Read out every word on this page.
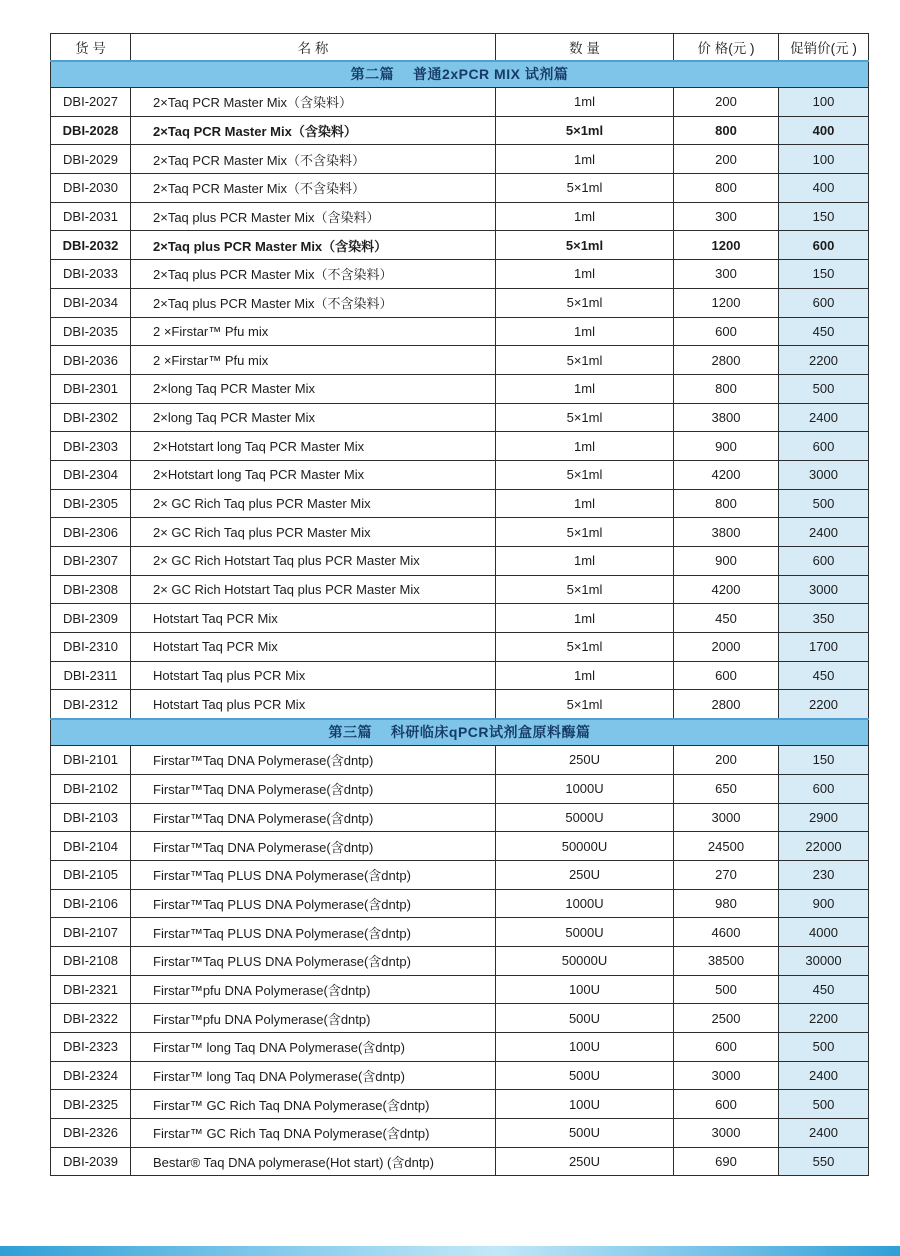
货 号	名 称	数 量	价 格(元 )	促销价(元 )
第二篇　 普通2xPCR MIX 试剂篇				
DBI-2027	2×Taq PCR Master Mix（含染料）	1ml	200	100
DBI-2028	2×Taq PCR Master Mix（含染料）	5×1ml	800	400
DBI-2029	2×Taq PCR Master Mix（不含染料）	1ml	200	100
DBI-2030	2×Taq PCR Master Mix（不含染料）	5×1ml	800	400
DBI-2031	2×Taq plus PCR Master Mix（含染料）	1ml	300	150
DBI-2032	2×Taq plus PCR Master Mix（含染料）	5×1ml	1200	600
DBI-2033	2×Taq plus PCR Master Mix（不含染料）	1ml	300	150
DBI-2034	2×Taq plus PCR Master Mix（不含染料）	5×1ml	1200	600
DBI-2035	2 ×Firstar™ Pfu mix	1ml	600	450
DBI-2036	2 ×Firstar™ Pfu mix	5×1ml	2800	2200
DBI-2301	2×long Taq PCR Master Mix	1ml	800	500
DBI-2302	2×long Taq PCR Master Mix	5×1ml	3800	2400
DBI-2303	2×Hotstart long Taq PCR Master Mix	1ml	900	600
DBI-2304	2×Hotstart long Taq PCR Master Mix	5×1ml	4200	3000
DBI-2305	2× GC Rich Taq plus PCR Master Mix	1ml	800	500
DBI-2306	2× GC Rich Taq plus PCR Master Mix	5×1ml	3800	2400
DBI-2307	2× GC Rich Hotstart Taq plus PCR Master Mix	1ml	900	600
DBI-2308	2× GC Rich Hotstart Taq plus PCR Master Mix	5×1ml	4200	3000
DBI-2309	Hotstart Taq PCR Mix	1ml	450	350
DBI-2310	Hotstart Taq PCR Mix	5×1ml	2000	1700
DBI-2311	Hotstart Taq plus PCR Mix	1ml	600	450
DBI-2312	Hotstart Taq plus PCR Mix	5×1ml	2800	2200
第三篇　 科研临床qPCR试剂盒原料酶篇				
DBI-2101	Firstar™Taq DNA Polymerase(含dntp)	250U	200	150
DBI-2102	Firstar™Taq DNA Polymerase(含dntp)	1000U	650	600
DBI-2103	Firstar™Taq DNA Polymerase(含dntp)	5000U	3000	2900
DBI-2104	Firstar™Taq DNA Polymerase(含dntp)	50000U	24500	22000
DBI-2105	Firstar™Taq PLUS DNA Polymerase(含dntp)	250U	270	230
DBI-2106	Firstar™Taq PLUS DNA Polymerase(含dntp)	1000U	980	900
DBI-2107	Firstar™Taq PLUS DNA Polymerase(含dntp)	5000U	4600	4000
DBI-2108	Firstar™Taq PLUS DNA Polymerase(含dntp)	50000U	38500	30000
DBI-2321	Firstar™pfu DNA Polymerase(含dntp)	100U	500	450
DBI-2322	Firstar™pfu DNA Polymerase(含dntp)	500U	2500	2200
DBI-2323	Firstar™ long Taq DNA Polymerase(含dntp)	100U	600	500
DBI-2324	Firstar™ long Taq DNA Polymerase(含dntp)	500U	3000	2400
DBI-2325	Firstar™ GC Rich Taq DNA Polymerase(含dntp)	100U	600	500
DBI-2326	Firstar™ GC Rich Taq DNA Polymerase(含dntp)	500U	3000	2400
DBI-2039	Bestar® Taq DNA polymerase(Hot start) (含dntp)	250U	690	550
